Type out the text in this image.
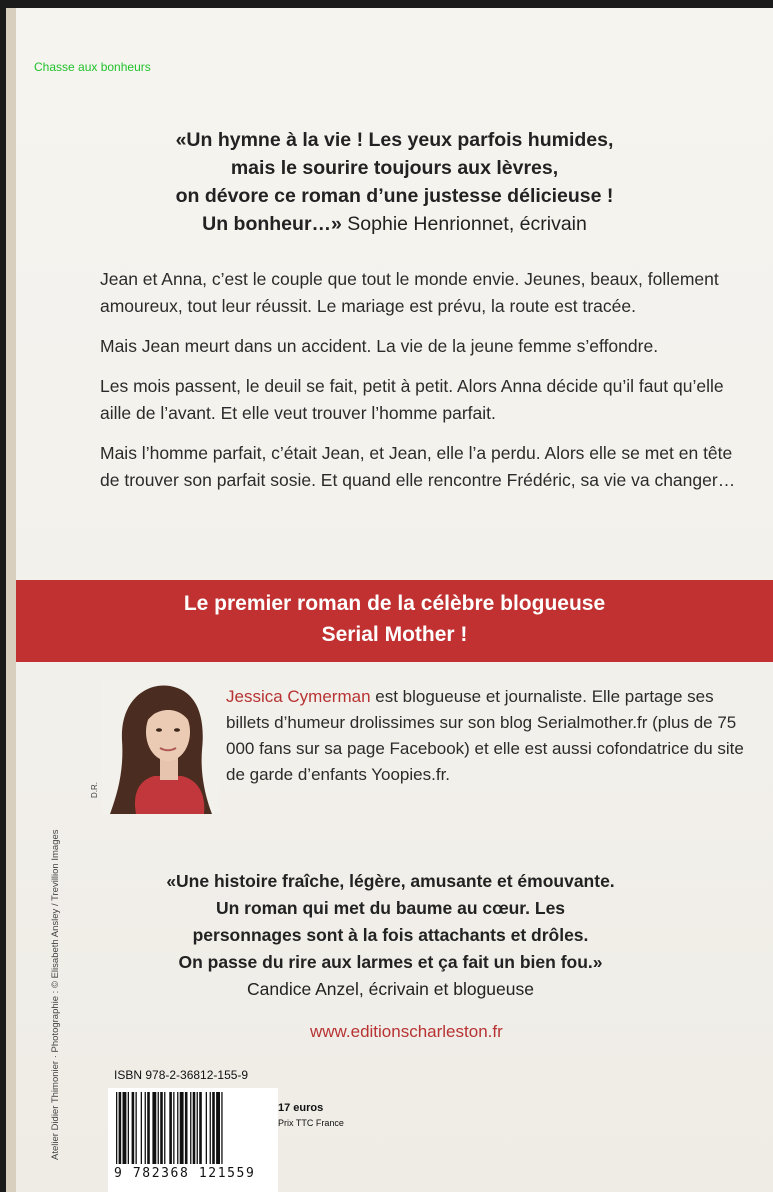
Chasse aux bonheurs
«Un hymne à la vie ! Les yeux parfois humides,
mais le sourire toujours aux lèvres,
on dévore ce roman d’une justesse délicieuse !
Un bonheur…» Sophie Henrionnet, écrivain

Jean et Anna, c’est le couple que tout le monde envie. Jeunes, beaux, follement amoureux, tout leur réussit. Le mariage est prévu, la route est tracée.

Mais Jean meurt dans un accident. La vie de la jeune femme s’effondre.

Les mois passent, le deuil se fait, petit à petit. Alors Anna décide qu’il faut qu’elle aille de l’avant. Et elle veut trouver l’homme parfait.

Mais l’homme parfait, c’était Jean, et Jean, elle l’a perdu. Alors elle se met en tête de trouver son parfait sosie. Et quand elle rencontre Frédéric, sa vie va changer…

Le premier roman de la célèbre blogueuse
Serial Mother !
D.R.
Jessica Cymerman est blogueuse et journaliste. Elle partage ses billets d’humeur drolissimes sur son blog Serialmother.fr (plus de 75 000 fans sur sa page Facebook) et elle est aussi cofondatrice du site de garde d’enfants Yoopies.fr.
Atelier Didier Thimonier · Photographie : © Elisabeth Ansley / Trevillion Images	«Une histoire fraîche, légère, amusante et émouvante.
Un roman qui met du baume au cœur. Les
personnages sont à la fois attachants et drôles.
On passe du rire aux larmes et ça fait un bien fou.»
Candice Anzel, écrivain et blogueuse
www.editionscharleston.fr
ISBN 978-2-36812-155-9
9 782368 121559
17 euros
Prix TTC France
